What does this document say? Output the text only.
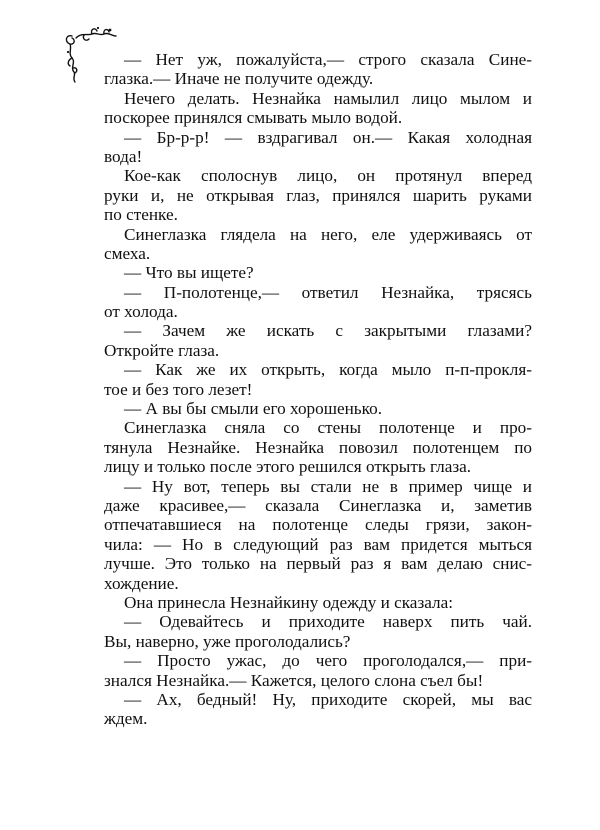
— Нет уж, пожалуйста,— строго сказала Сине-
глазка.— Иначе не получите одежду.
Нечего делать. Незнайка намылил лицо мылом и
поскорее принялся смывать мыло водой.
— Бр-р-р! — вздрагивал он.— Какая холодная
вода!
Кое-как сполоснув лицо, он протянул вперед
руки и, не открывая глаз, принялся шарить руками
по стенке.
Синеглазка глядела на него, еле удерживаясь от
смеха.
— Что вы ищете?
— П-полотенце,— ответил Незнайка, трясясь
от холода.
— Зачем же искать с закрытыми глазами?
Откройте глаза.
— Как же их открыть, когда мыло п-п-прокля-
тое и без того лезет!
— А вы бы смыли его хорошенько.
Синеглазка сняла со стены полотенце и про-
тянула Незнайке. Незнайка повозил полотенцем по
лицу и только после этого решился открыть глаза.
— Ну вот, теперь вы стали не в пример чище и
даже красивее,— сказала Синеглазка и, заметив
отпечатавшиеся на полотенце следы грязи, закон-
чила: — Но в следующий раз вам придется мыться
лучше. Это только на первый раз я вам делаю снис-
хождение.
Она принесла Незнайкину одежду и сказала:
— Одевайтесь и приходите наверх пить чай.
Вы, наверно, уже проголодались?
— Просто ужас, до чего проголодался,— при-
знался Незнайка.— Кажется, целого слона съел бы!
— Ах, бедный! Ну, приходите скорей, мы вас
ждем.
